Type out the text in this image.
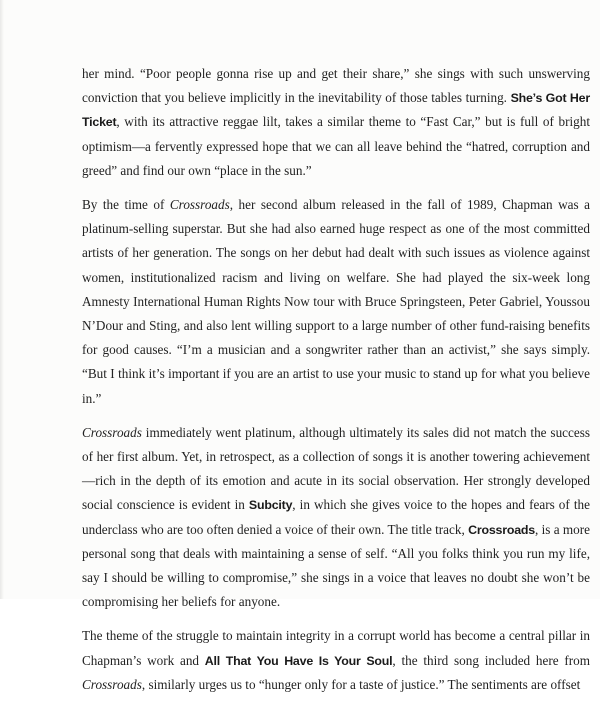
her mind. “Poor people gonna rise up and get their share,” she sings with such unswerving conviction that you believe implicitly in the inevitability of those tables turning. She’s Got Her Ticket, with its attractive reggae lilt, takes a similar theme to “Fast Car,” but is full of bright optimism—a fervently expressed hope that we can all leave behind the “hatred, corruption and greed” and find our own “place in the sun.”

By the time of Crossroads, her second album released in the fall of 1989, Chapman was a platinum-selling superstar. But she had also earned huge respect as one of the most committed artists of her generation. The songs on her debut had dealt with such issues as violence against women, institutionalized racism and living on welfare. She had played the six-week long Amnesty International Human Rights Now tour with Bruce Springsteen, Peter Gabriel, Youssou N’Dour and Sting, and also lent willing support to a large number of other fund-raising benefits for good causes. “I’m a musician and a songwriter rather than an activist,” she says simply. “But I think it’s important if you are an artist to use your music to stand up for what you believe in.”

Crossroads immediately went platinum, although ultimately its sales did not match the success of her first album. Yet, in retrospect, as a collection of songs it is another towering achievement—rich in the depth of its emotion and acute in its social observation. Her strongly developed social conscience is evident in Subcity, in which she gives voice to the hopes and fears of the underclass who are too often denied a voice of their own. The title track, Crossroads, is a more personal song that deals with maintaining a sense of self. “All you folks think you run my life, say I should be willing to compromise,” she sings in a voice that leaves no doubt she won’t be compromising her beliefs for anyone.

The theme of the struggle to maintain integrity in a corrupt world has become a central pillar in Chapman’s work and All That You Have Is Your Soul, the third song included here from Crossroads, similarly urges us to “hunger only for a taste of justice.” The sentiments are offset
